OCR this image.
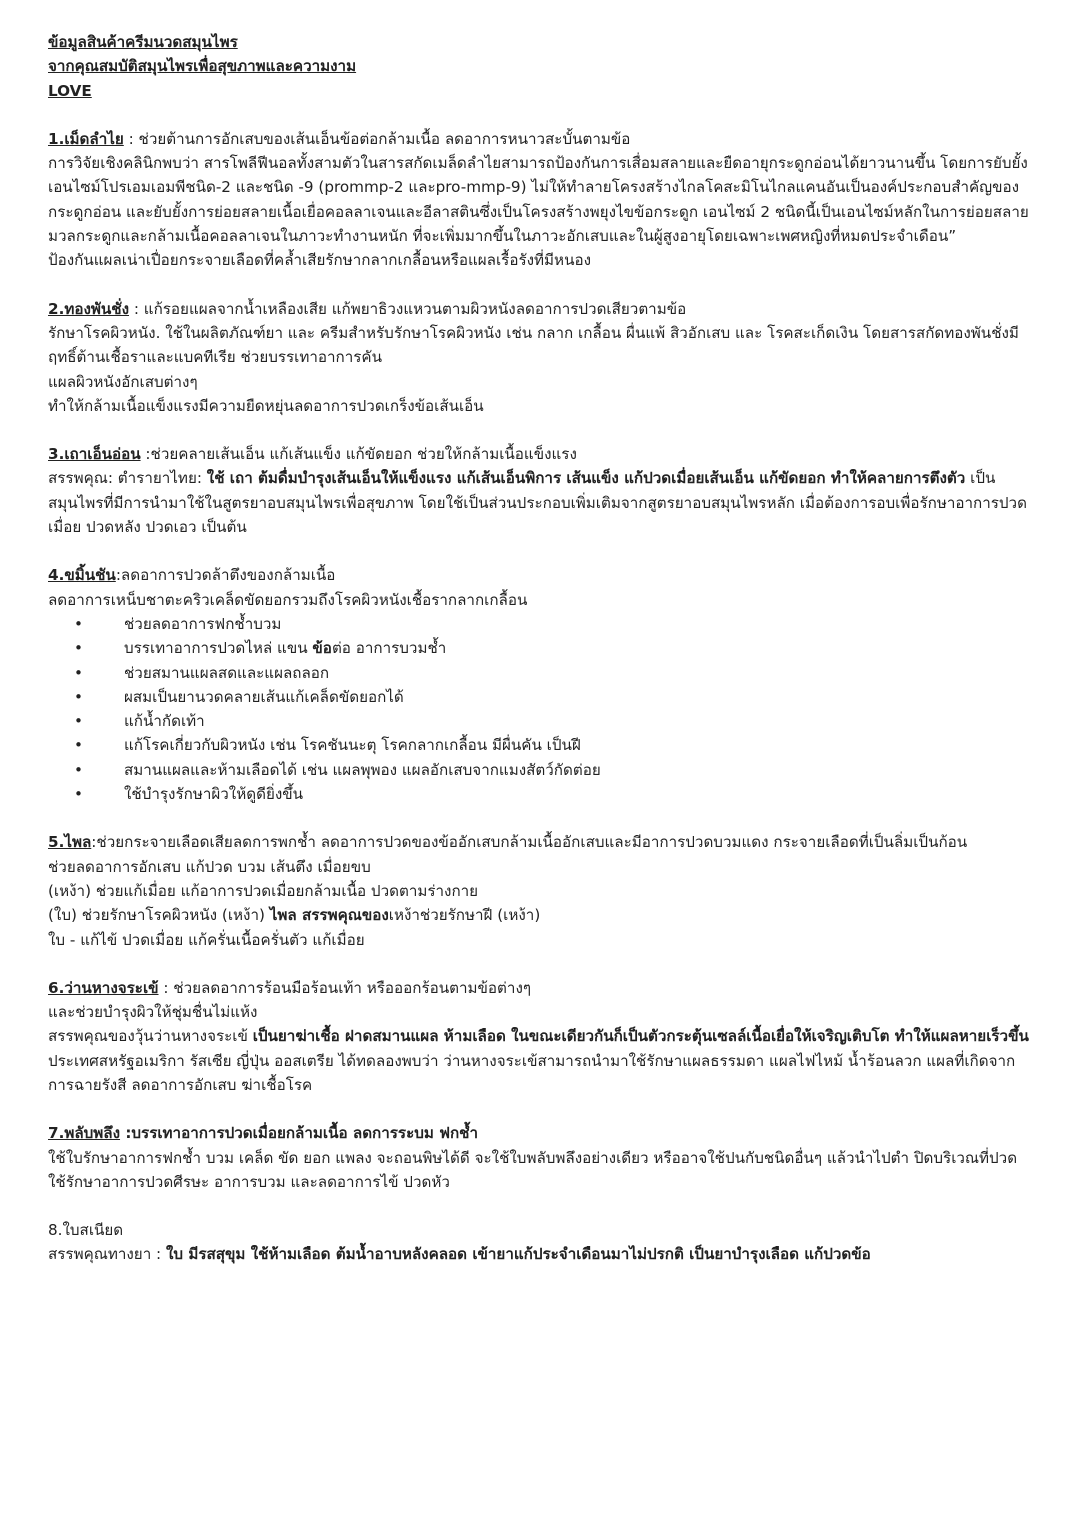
ข้อมูลสินค้าครีมนวดสมุนไพร

จากคุณสมบัติสมุนไพรเพื่อสุขภาพและความงาม

LOVE

1.เม็ดลำไย : ช่วยต้านการอักเสบของเส้นเอ็นข้อต่อกล้ามเนื้อ ลดอาการหนาวสะบั้นตามข้อ

การวิจัยเชิงคลินิกพบว่า สารโพลีฟีนอลทั้งสามตัวในสารสกัดเมล็ดลำไยสามารถป้องกันการเสื่อมสลายและยืดอายุกระดูกอ่อนได้ยาวนานขึ้น โดยการยับยั้งเอนไซม์โปรเอมเอมพีชนิด-2 และชนิด -9 (prommp-2 และpro-mmp-9) ไม่ให้ทำลายโครงสร้างไกลโคสะมิโนไกลแคนอันเป็นองค์ประกอบสำคัญของกระดูกอ่อน และยับยั้งการย่อยสลายเนื้อเยื่อคอลลาเจนและอีลาสตินซึ่งเป็นโครงสร้างพยุงไขข้อกระดูก เอนไซม์ 2 ชนิดนี้เป็นเอนไซม์หลักในการย่อยสลายมวลกระดูกและกล้ามเนื้อคอลลาเจนในภาวะทำงานหนัก ที่จะเพิ่มมากขึ้นในภาวะอักเสบและในผู้สูงอายุโดยเฉพาะเพศหญิงที่หมดประจำเดือน”

ป้องกันแผลเน่าเปื่อยกระจายเลือดที่คล้ำเสียรักษากลากเกลื้อนหรือแผลเรื้อรังที่มีหนอง

2.ทองพันชั่ง : แก้รอยแผลจากน้ำเหลืองเสีย แก้พยาธิวงแหวนตามผิวหนังลดอาการปวดเสียวตามข้อ

รักษาโรคผิวหนัง. ใช้ในผลิตภัณฑ์ยา และ ครีมสำหรับรักษาโรคผิวหนัง เช่น กลาก เกลื้อน ผื่นแพ้ สิวอักเสบ และ โรคสะเก็ดเงิน โดยสารสกัดทองพันชั่งมีฤทธิ์ต้านเชื้อราและแบคทีเรีย ช่วยบรรเทาอาการคัน

แผลผิวหนังอักเสบต่างๆ

ทำให้กล้ามเนื้อแข็งแรงมีความยืดหยุ่นลดอาการปวดเกร็งข้อเส้นเอ็น

3.เถาเอ็นอ่อน :ช่วยคลายเส้นเอ็น แก้เส้นแข็ง แก้ขัดยอก ช่วยให้กล้ามเนื้อแข็งแรง

สรรพคุณ: ตำรายาไทย: ใช้ เถา ต้มดื่มบำรุงเส้นเอ็นให้แข็งแรง แก้เส้นเอ็นพิการ เส้นแข็ง แก้ปวดเมื่อยเส้นเอ็น แก้ขัดยอก ทำให้คลายการตึงตัว เป็นสมุนไพรที่มีการนำมาใช้ในสูตรยาอบสมุนไพรเพื่อสุขภาพ โดยใช้เป็นส่วนประกอบเพิ่มเติมจากสูตรยาอบสมุนไพรหลัก เมื่อต้องการอบเพื่อรักษาอาการปวดเมื่อย ปวดหลัง ปวดเอว เป็นต้น

4.ขมิ้นชัน:ลดอาการปวดล้าตึงของกล้ามเนื้อ

ลดอาการเหน็บชาตะคริวเคล็ดขัดยอกรวมถึงโรคผิวหนังเชื้อรากลากเกลื้อน

• ช่วยลดอาการฟกช้ำบวม
• บรรเทาอาการปวดไหล่ แขน ข้อต่อ อาการบวมช้ำ
• ช่วยสมานแผลสดและแผลถลอก
• ผสมเป็นยานวดคลายเส้นแก้เคล็ดขัดยอกได้
• แก้น้ำกัดเท้า
• แก้โรคเกี่ยวกับผิวหนัง เช่น โรคชันนะตุ โรคกลากเกลื้อน มีผื่นคัน เป็นฝี
• สมานแผลและห้ามเลือดได้ เช่น แผลพุพอง แผลอักเสบจากแมงสัตว์กัดต่อย
• ใช้บำรุงรักษาผิวให้ดูดียิ่งขึ้น

5.ไพล:ช่วยกระจายเลือดเสียลดการพกช้ำ ลดอาการปวดของข้ออักเสบกล้ามเนื้ออักเสบและมีอาการปวดบวมแดง กระจายเลือดที่เป็นลิ่มเป็นก้อน

ช่วยลดอาการอักเสบ แก้ปวด บวม เส้นตึง เมื่อยขบ

(เหง้า) ช่วยแก้เมื่อย แก้อาการปวดเมื่อยกล้ามเนื้อ ปวดตามร่างกาย

(ใบ) ช่วยรักษาโรคผิวหนัง (เหง้า) ไพล สรรพคุณของเหง้าช่วยรักษาฝี (เหง้า)

ใบ - แก้ไข้ ปวดเมื่อย แก้ครั่นเนื้อครั่นตัว แก้เมื่อย

6.ว่านหางจระเข้ : ช่วยลดอาการร้อนมือร้อนเท้า หรือออกร้อนตามข้อต่างๆ

และช่วยบำรุงผิวให้ชุ่มชื่นไม่แห้ง

สรรพคุณของวุ้นว่านหางจระเข้ เป็นยาฆ่าเชื้อ ฝาดสมานแผล ห้ามเลือด ในขณะเดียวกันก็เป็นตัวกระตุ้นเซลล์เนื้อเยื่อให้เจริญเติบโต ทำให้แผลหายเร็วขึ้น ประเทศสหรัฐอเมริกา รัสเซีย ญี่ปุ่น ออสเตรีย ได้ทดลองพบว่า ว่านหางจระเข้สามารถนำมาใช้รักษาแผลธรรมดา แผลไฟไหม้ น้ำร้อนลวก แผลที่เกิดจากการฉายรังสี ลดอาการอักเสบ ฆ่าเชื้อโรค

7.พลับพลึง :บรรเทาอาการปวดเมื่อยกล้ามเนื้อ ลดการระบม ฟกช้ำ

ใช้ใบรักษาอาการฟกช้ำ บวม เคล็ด ขัด ยอก แพลง จะถอนพิษได้ดี จะใช้ใบพลับพลึงอย่างเดียว หรืออาจใช้ปนกับชนิดอื่นๆ แล้วนำไปตำ ปิดบริเวณที่ปวด ใช้รักษาอาการปวดศีรษะ อาการบวม และลดอาการไข้ ปวดหัว

8.ใบสเนียด

สรรพคุณทางยา : ใบ มีรสสุขุม ใช้ห้ามเลือด ต้มน้ำอาบหลังคลอด เข้ายาแก้ประจำเดือนมาไม่ปรกติ เป็นยาบำรุงเลือด แก้ปวดข้อ
